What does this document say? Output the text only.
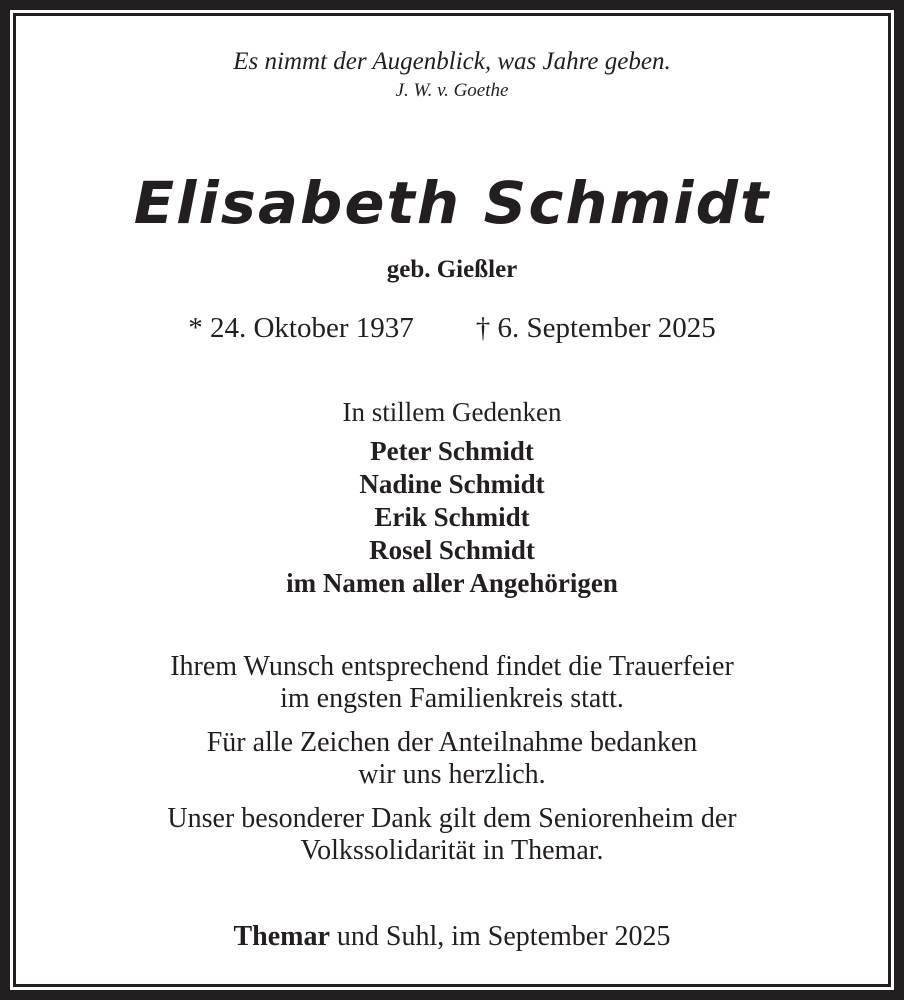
Es nimmt der Augenblick, was Jahre geben.
J. W. v. Goethe
Elisabeth Schmidt
geb. Gießler
* 24. Oktober 1937 † 6. September 2025
In stillem Gedenken
Peter Schmidt
Nadine Schmidt
Erik Schmidt
Rosel Schmidt
im Namen aller Angehörigen
Ihrem Wunsch entsprechend findet die Trauerfeier
im engsten Familienkreis statt.
Für alle Zeichen der Anteilnahme bedanken
wir uns herzlich.
Unser besonderer Dank gilt dem Seniorenheim der
Volkssolidarität in Themar.
Themar und Suhl, im September 2025
